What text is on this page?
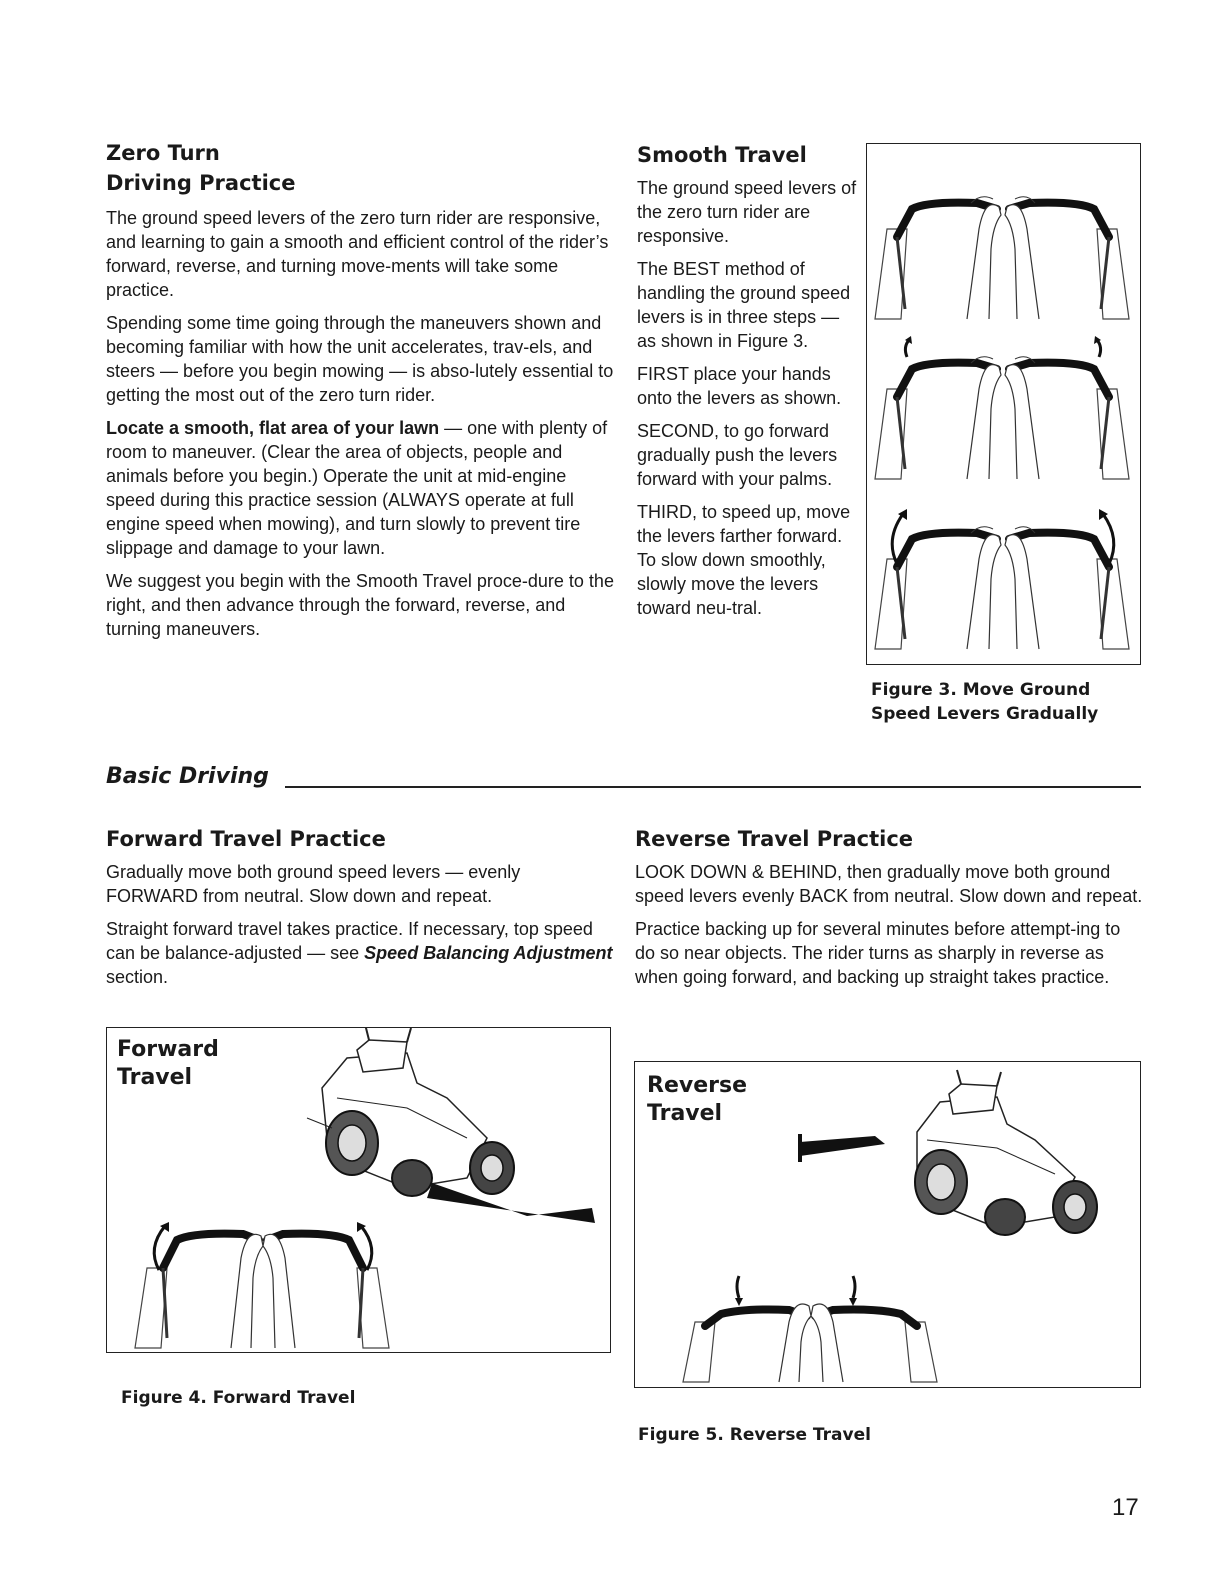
Zero Turn
Driving Practice

The ground speed levers of the zero turn rider are responsive, and learning to gain a smooth and efficient control of the rider’s forward, reverse, and turning move-ments will take some practice.

Spending some time going through the maneuvers shown and becoming familiar with how the unit accelerates, trav-els, and steers — before you begin mowing — is abso-lutely essential to getting the most out of the zero turn rider.

Locate a smooth, flat area of your lawn — one with plenty of room to maneuver. (Clear the area of objects, people and animals before you begin.) Operate the unit at mid-engine speed during this practice session (ALWAYS operate at full engine speed when mowing), and turn slowly to prevent tire slippage and damage to your lawn.

We suggest you begin with the Smooth Travel proce-dure to the right, and then advance through the forward, reverse, and turning maneuvers.

Smooth Travel

The ground speed levers of the zero turn rider are responsive.

The BEST method of handling the ground speed levers is in three steps — as shown in Figure 3.

FIRST place your hands onto the levers as shown.

SECOND, to go forward gradually push the levers forward with your palms.

THIRD, to speed up, move the levers farther forward. To slow down smoothly, slowly move the levers toward neu-tral.

Figure 3. Move Ground
Speed Levers Gradually
Basic Driving
Forward Travel Practice

Gradually move both ground speed levers — evenly FORWARD from neutral. Slow down and repeat.

Straight forward travel takes practice. If necessary, top speed can be balance-adjusted — see Speed Balancing Adjustment section.

Forward
Travel
Figure 4. Forward Travel
Reverse Travel Practice

LOOK DOWN & BEHIND, then gradually move both ground speed levers evenly BACK from neutral. Slow down and repeat.

Practice backing up for several minutes before attempt-ing to do so near objects. The rider turns as sharply in reverse as when going forward, and backing up straight takes practice.

Reverse
Travel
Figure 5. Reverse Travel
17
